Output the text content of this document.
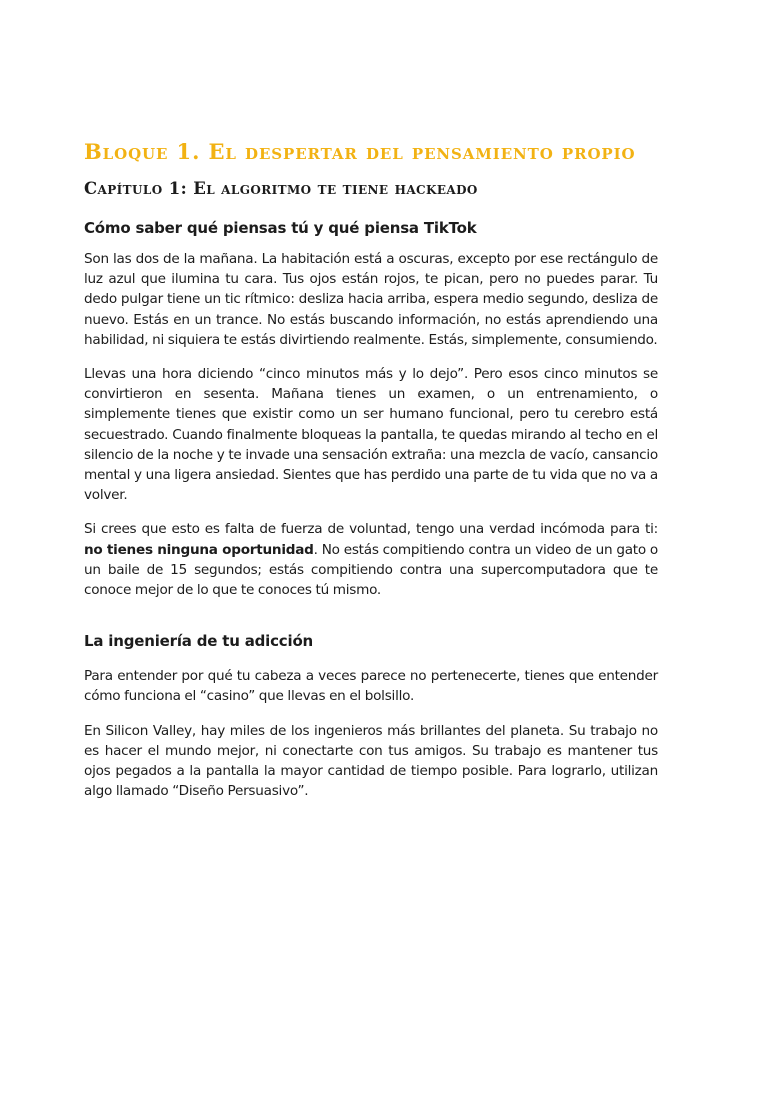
Bloque 1. El despertar del pensamiento propio
Capítulo 1: El algoritmo te tiene hackeado
Cómo saber qué piensas tú y qué piensa TikTok

Son las dos de la mañana. La habitación está a oscuras, excepto por ese rectángulo de luz azul que ilumina tu cara. Tus ojos están rojos, te pican, pero no puedes parar. Tu dedo pulgar tiene un tic rítmico: desliza hacia arriba, espera medio segundo, desliza de nuevo. Estás en un trance. No estás buscando información, no estás aprendiendo una habilidad, ni siquiera te estás divirtiendo realmente. Estás, simplemente, consumiendo.

Llevas una hora diciendo “cinco minutos más y lo dejo”. Pero esos cinco minutos se convirtieron en sesenta. Mañana tienes un examen, o un entrenamiento, o simplemente tienes que existir como un ser humano funcional, pero tu cerebro está secuestrado. Cuando finalmente bloqueas la pantalla, te quedas mirando al techo en el silencio de la noche y te invade una sensación extraña: una mezcla de vacío, cansancio mental y una ligera ansiedad. Sientes que has perdido una parte de tu vida que no va a volver.

Si crees que esto es falta de fuerza de voluntad, tengo una verdad incómoda para ti: no tienes ninguna oportunidad. No estás compitiendo contra un video de un gato o un baile de 15 segundos; estás compitiendo contra una supercomputadora que te conoce mejor de lo que te conoces tú mismo.

La ingeniería de tu adicción

Para entender por qué tu cabeza a veces parece no pertenecerte, tienes que entender cómo funciona el “casino” que llevas en el bolsillo.

En Silicon Valley, hay miles de los ingenieros más brillantes del planeta. Su trabajo no es hacer el mundo mejor, ni conectarte con tus amigos. Su trabajo es mantener tus ojos pegados a la pantalla la mayor cantidad de tiempo posible. Para lograrlo, utilizan algo llamado “Diseño Persuasivo”.
